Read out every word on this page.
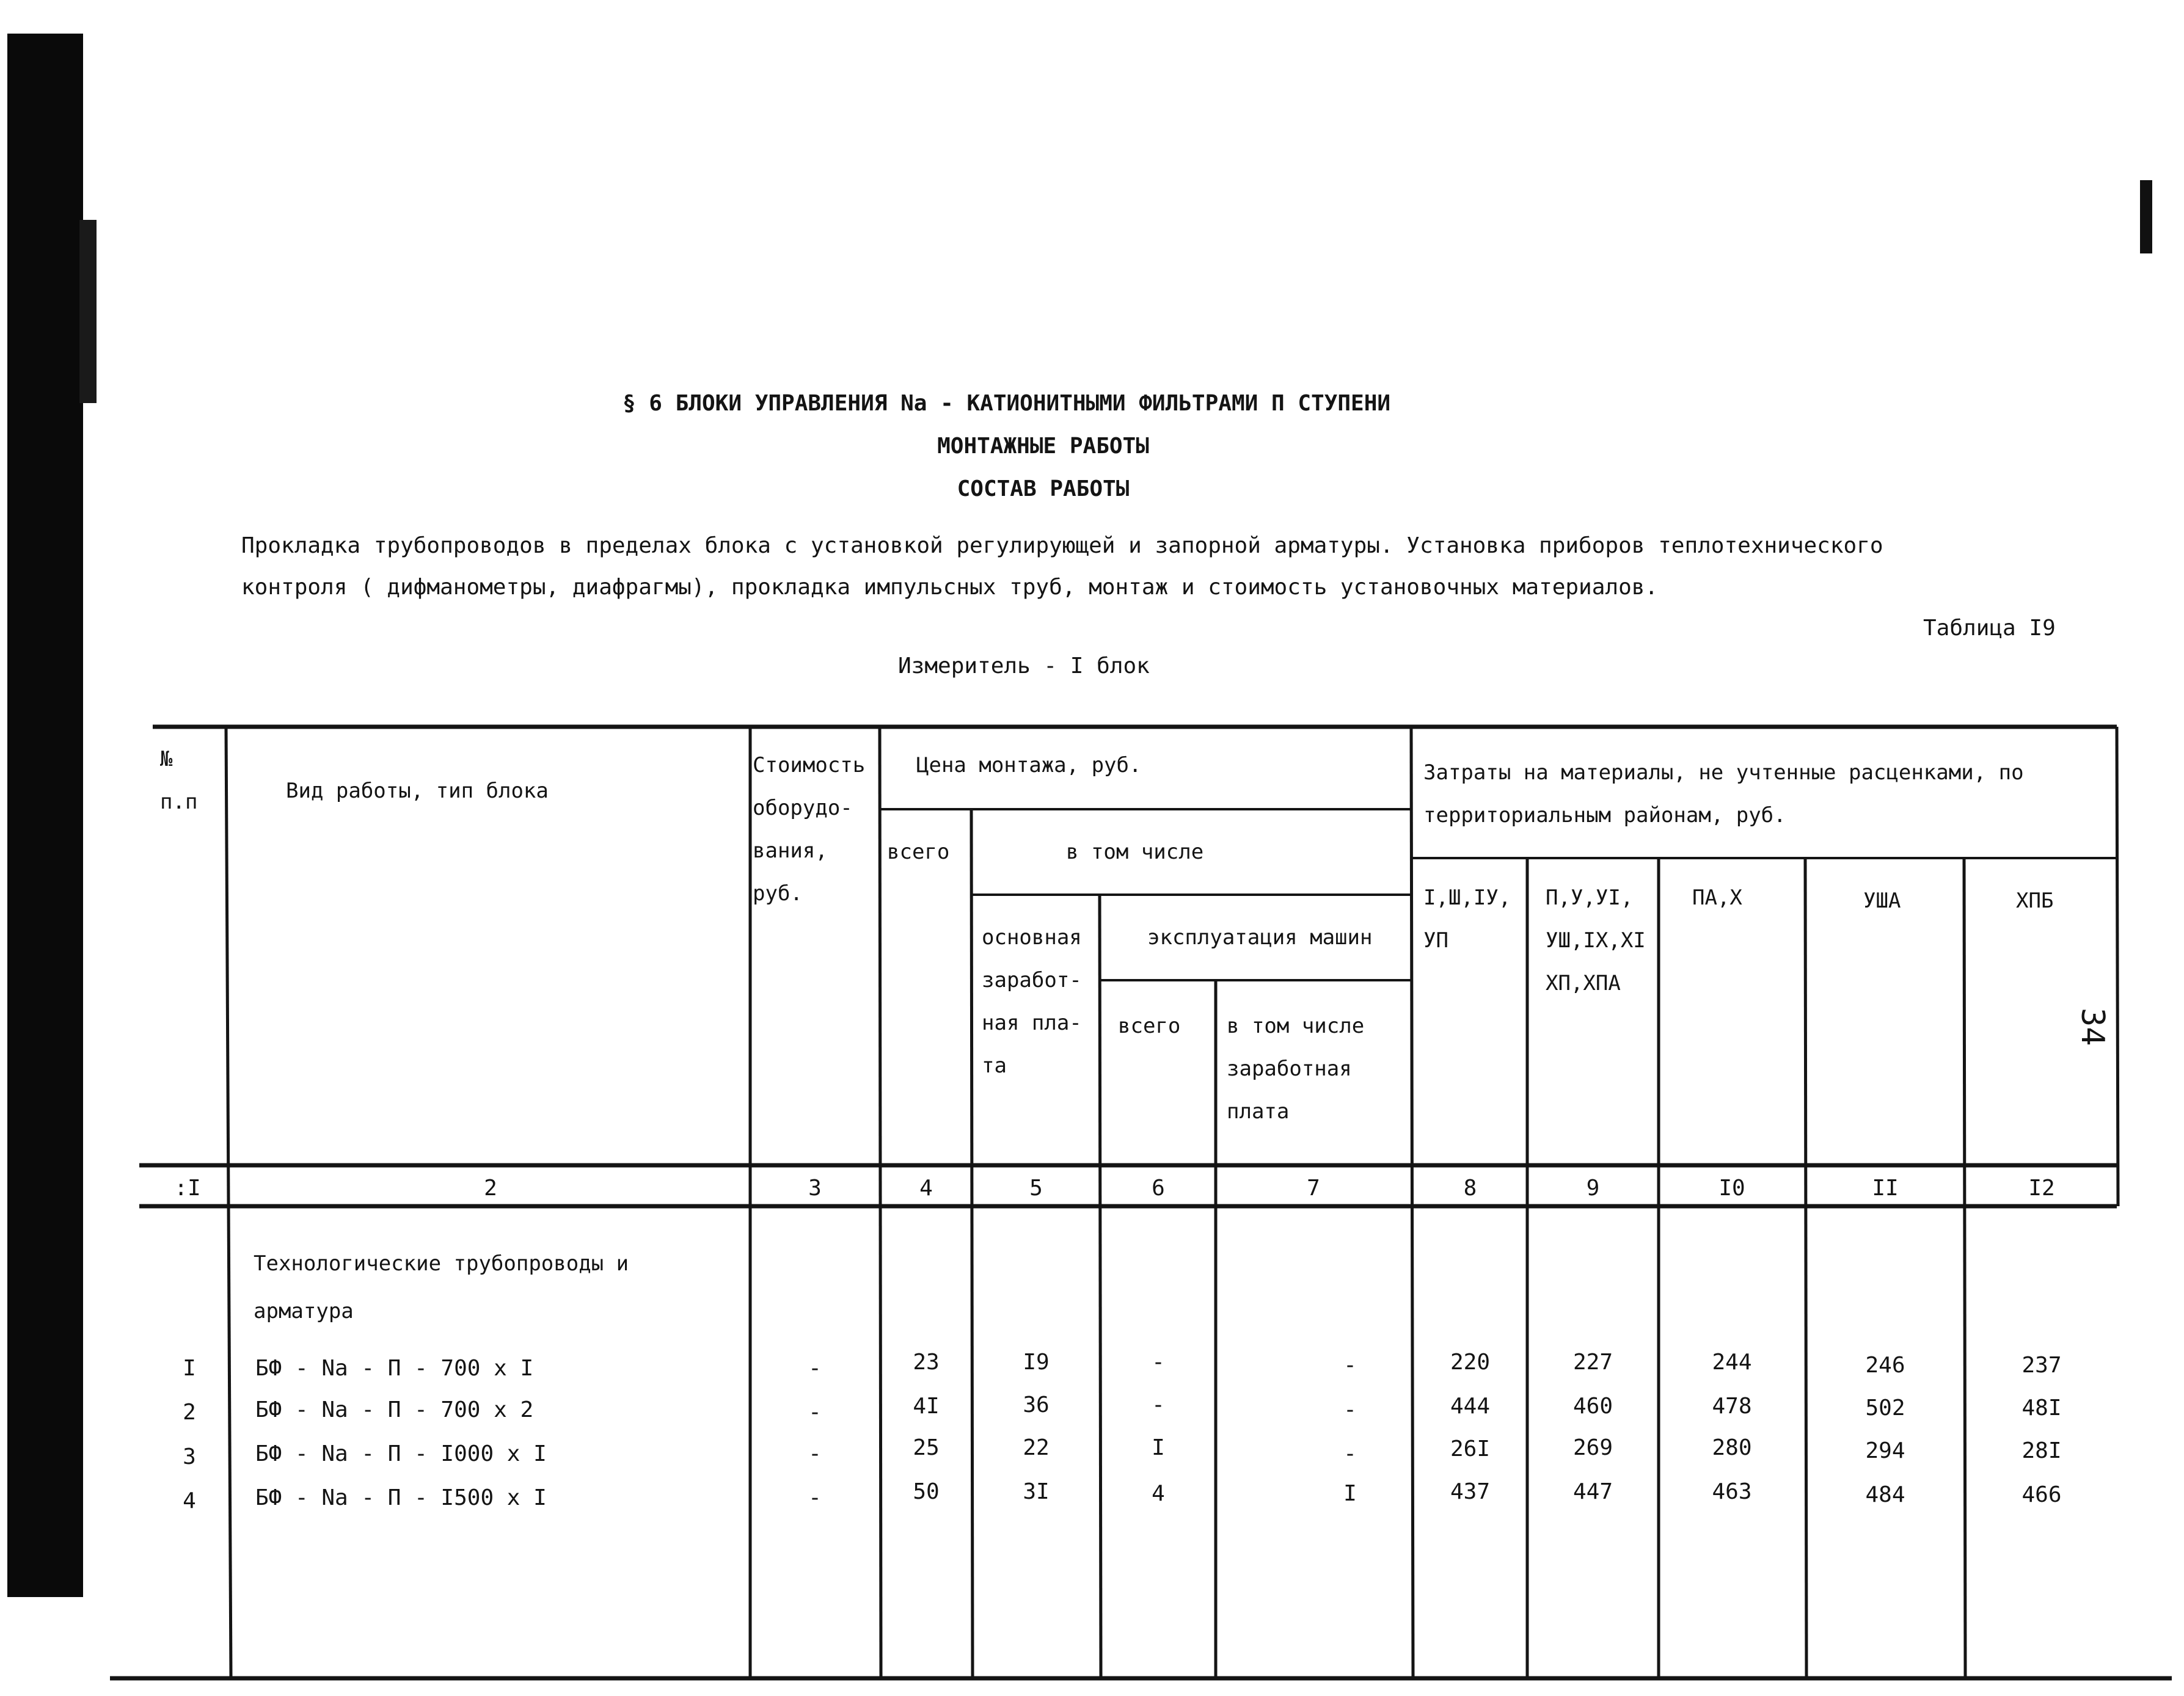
34
§ 6 БЛОКИ УПРАВЛЕНИЯ Na - КАТИОНИТНЫМИ ФИЛЬТРАМИ П СТУПЕНИ
МОНТАЖНЫЕ РАБОТЫ
СОСТАВ РАБОТЫ
Прокладка трубопроводов в пределах блока с установкой регулирующей и запорной арматуры. Установка приборов теплотехнического контроля ( дифманометры, диафрагмы), прокладка импульсных труб, монтаж и стоимость установочных материалов.
Таблица I9
Измеритель - I блок
№
п.п	Вид работы, тип блока
Стоимость
оборудо-
вания,
руб.
Цена монтажа, руб.
всего	в том числе
основная
заработ-
ная пла-
та
эксплуатация машин
всего в том числе
заработная
плата
Затраты на материалы, не учтенные расценками, по
территориальным районам, руб.
I,Ш,IУ,
УП
П,У,УI,
УШ,IX,XI
XП,XПА
ПА,X	УША	XПБ
:I	2	3	4	5	6	7	8	9	I0	II	I2
Технологические трубопроводы и
арматура
I	БФ - Na - П - 700 x I	-	23	I9	-	-	220	227	244	246	237
2	БФ - Na - П - 700 x 2	-	4I	36	-	-	444	460	478	502	48I
3	БФ - Na - П - I000 x I	-	25	22	I	-	26I	269	280	294	28I
4	БФ - Na - П - I500 x I	-	50	3I	4	I	437	447	463	484	466
